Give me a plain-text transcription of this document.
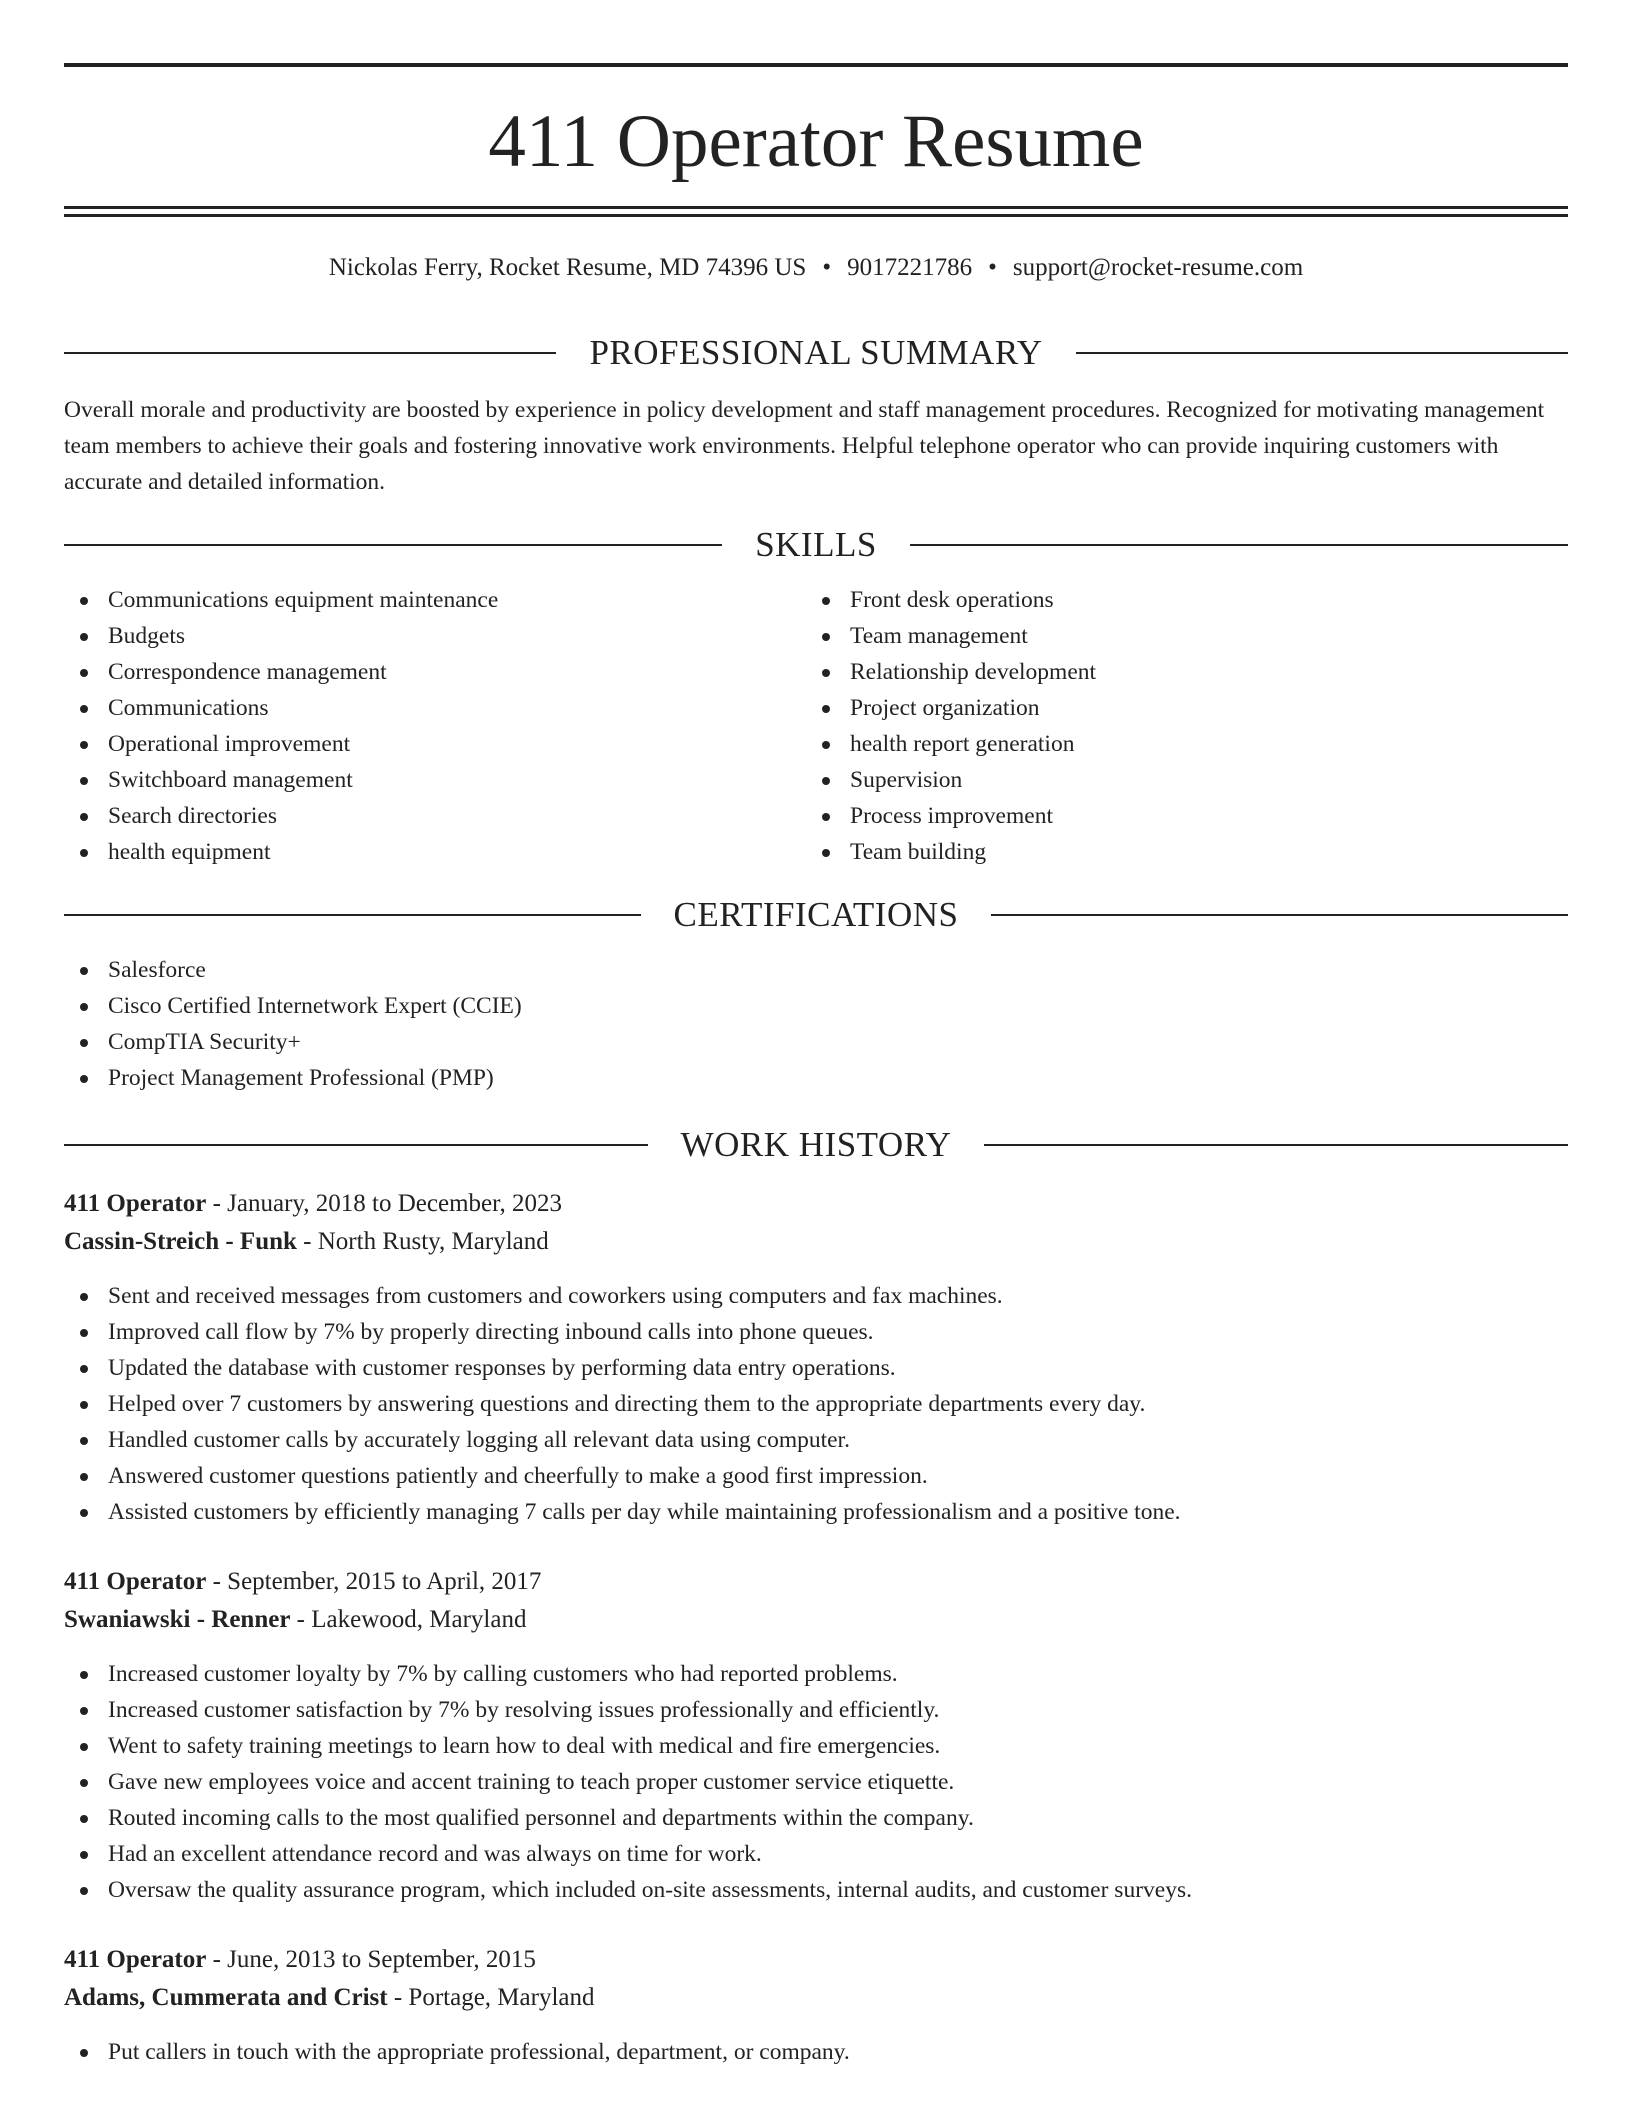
411 Operator Resume
Nickolas Ferry, Rocket Resume, MD 74396 US • 9017221786 • support@rocket-resume.com
PROFESSIONAL SUMMARY

Overall morale and productivity are boosted by experience in policy development and staff management procedures. Recognized for motivating management team members to achieve their goals and fostering innovative work environments. Helpful telephone operator who can provide inquiring customers with accurate and detailed information.

SKILLS
Communications equipment maintenance
Budgets
Correspondence management
Communications
Operational improvement
Switchboard management
Search directories
health equipment
Front desk operations
Team management
Relationship development
Project organization
health report generation
Supervision
Process improvement
Team building
CERTIFICATIONS
Salesforce
Cisco Certified Internetwork Expert (CCIE)
CompTIA Security+
Project Management Professional (PMP)
WORK HISTORY
411 Operator - January, 2018 to December, 2023
Cassin-Streich - Funk - North Rusty, Maryland
Sent and received messages from customers and coworkers using computers and fax machines.
Improved call flow by 7% by properly directing inbound calls into phone queues.
Updated the database with customer responses by performing data entry operations.
Helped over 7 customers by answering questions and directing them to the appropriate departments every day.
Handled customer calls by accurately logging all relevant data using computer.
Answered customer questions patiently and cheerfully to make a good first impression.
Assisted customers by efficiently managing 7 calls per day while maintaining professionalism and a positive tone.
411 Operator - September, 2015 to April, 2017
Swaniawski - Renner - Lakewood, Maryland
Increased customer loyalty by 7% by calling customers who had reported problems.
Increased customer satisfaction by 7% by resolving issues professionally and efficiently.
Went to safety training meetings to learn how to deal with medical and fire emergencies.
Gave new employees voice and accent training to teach proper customer service etiquette.
Routed incoming calls to the most qualified personnel and departments within the company.
Had an excellent attendance record and was always on time for work.
Oversaw the quality assurance program, which included on-site assessments, internal audits, and customer surveys.
411 Operator - June, 2013 to September, 2015
Adams, Cummerata and Crist - Portage, Maryland
Put callers in touch with the appropriate professional, department, or company.
